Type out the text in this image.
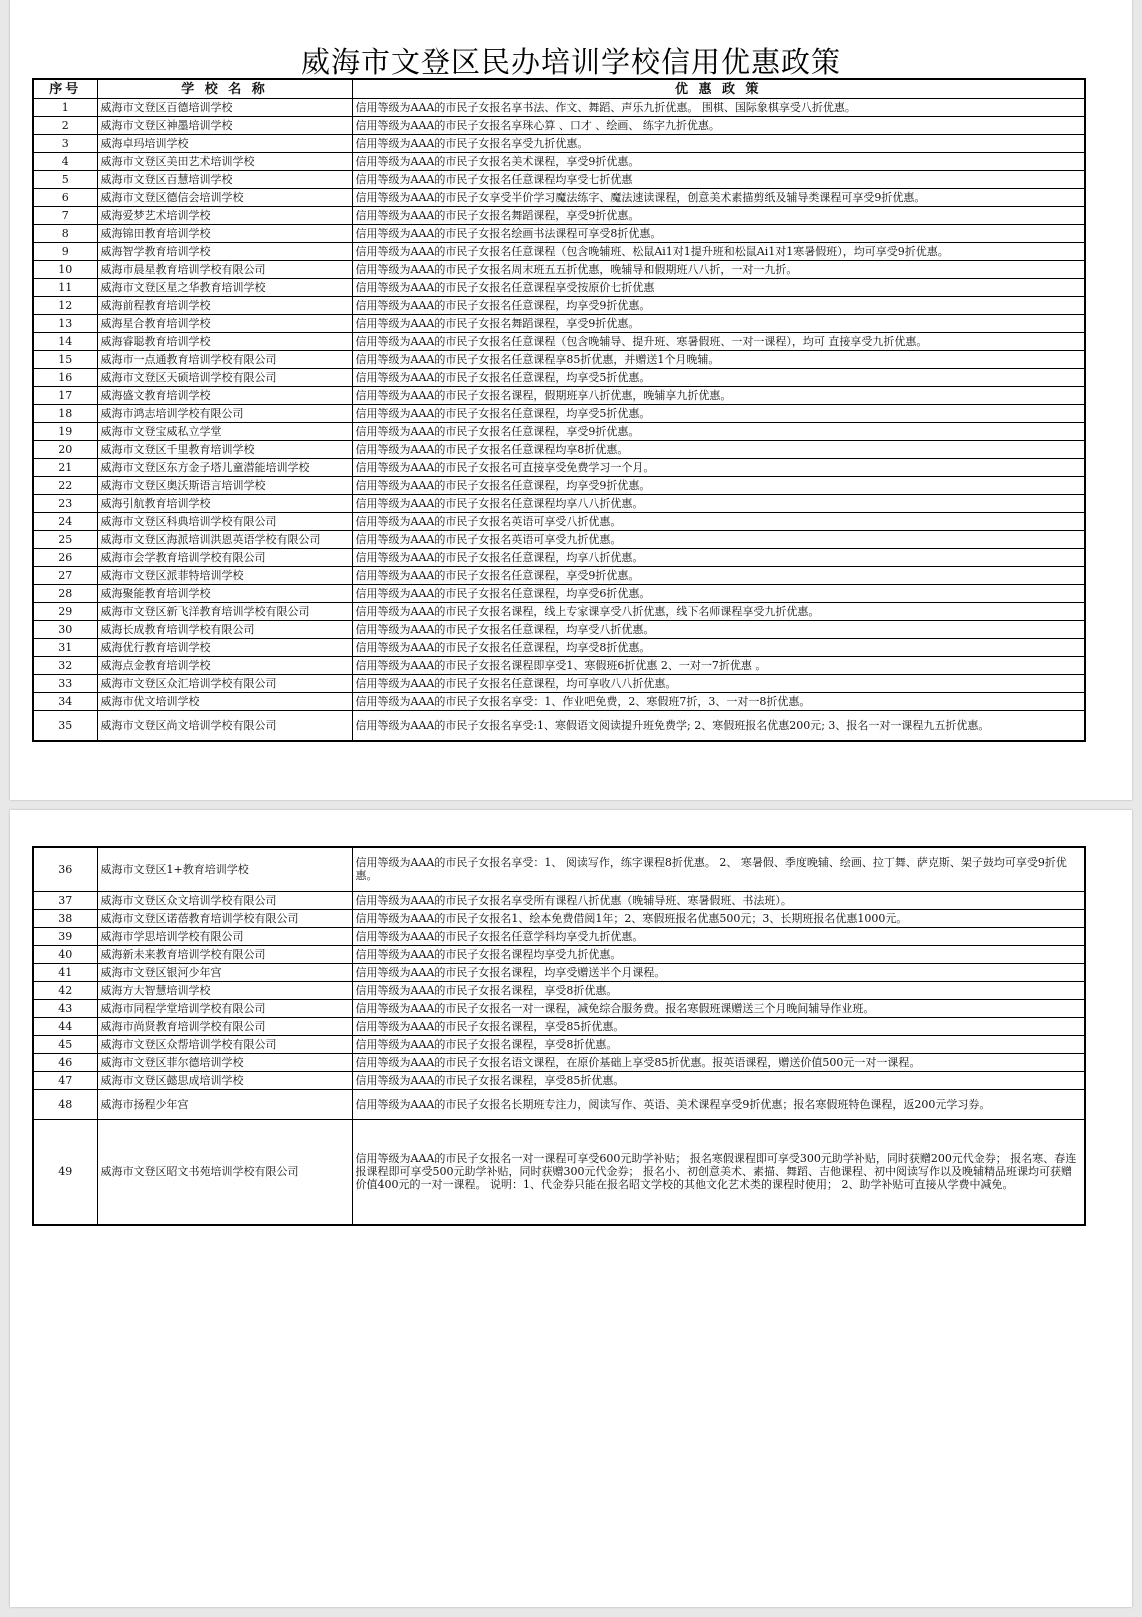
威海市文登区民办培训学校信用优惠政策
序号	学 校 名 称	优 惠 政 策
1	威海市文登区百德培训学校	信用等级为AAA的市民子女报名享书法、作文、舞蹈、声乐九折优惠。 围棋、国际象棋享受八折优惠。
2	威海市文登区神墨培训学校	信用等级为AAA的市民子女报名享珠心算 、口才 、绘画、 练字九折优惠。
3	威海卓玛培训学校	信用等级为AAA的市民子女报名享受九折优惠。
4	威海市文登区美田艺术培训学校	信用等级为AAA的市民子女报名美术课程，享受9折优惠。
5	威海市文登区百慧培训学校	信用等级为AAA的市民子女报名任意课程均享受七折优惠
6	威海市文登区德信会培训学校	信用等级为AAA的市民子女享受半价学习魔法练字、魔法速读课程，创意美术素描剪纸及辅导类课程可享受9折优惠。
7	威海爱梦艺术培训学校	信用等级为AAA的市民子女报名舞蹈课程，享受9折优惠。
8	威海锦田教育培训学校	信用等级为AAA的市民子女报名绘画书法课程可享受8折优惠。
9	威海智学教育培训学校	信用等级为AAA的市民子女报名任意课程（包含晚辅班、松鼠Ai1对1提升班和松鼠Ai1对1寒暑假班），均可享受9折优惠。
10	威海市晨星教育培训学校有限公司	信用等级为AAA的市民子女报名周末班五五折优惠，晚辅导和假期班八八折，一对一九折。
11	威海市文登区星之华教育培训学校	信用等级为AAA的市民子女报名任意课程享受按原价七折优惠
12	威海前程教育培训学校	信用等级为AAA的市民子女报名任意课程，均享受9折优惠。
13	威海星合教育培训学校	信用等级为AAA的市民子女报名舞蹈课程，享受9折优惠。
14	威海睿聪教育培训学校	信用等级为AAA的市民子女报名任意课程（包含晚辅导、提升班、寒暑假班、一对一课程），均可 直接享受九折优惠。
15	威海市一点通教育培训学校有限公司	信用等级为AAA的市民子女报名任意课程享85折优惠，并赠送1个月晚辅。
16	威海市文登区天硕培训学校有限公司	信用等级为AAA的市民子女报名任意课程，均享受5折优惠。
17	威海盛文教育培训学校	信用等级为AAA的市民子女报名课程，假期班享八折优惠，晚辅享九折优惠。
18	威海市鸿志培训学校有限公司	信用等级为AAA的市民子女报名任意课程，均享受5折优惠。
19	威海市文登宝威私立学堂	信用等级为AAA的市民子女报名任意课程，享受9折优惠。
20	威海市文登区千里教育培训学校	信用等级为AAA的市民子女报名任意课程均享8折优惠。
21	威海市文登区东方金子塔儿童潜能培训学校	信用等级为AAA的市民子女报名可直接享受免费学习一个月。
22	威海市文登区奥沃斯语言培训学校	信用等级为AAA的市民子女报名任意课程，均享受9折优惠。
23	威海引航教育培训学校	信用等级为AAA的市民子女报名任意课程均享八八折优惠。
24	威海市文登区科典培训学校有限公司	信用等级为AAA的市民子女报名英语可享受八折优惠。
25	威海市文登区海派培训洪恩英语学校有限公司	信用等级为AAA的市民子女报名英语可享受九折优惠。
26	威海市会学教育培训学校有限公司	信用等级为AAA的市民子女报名任意课程，均享八折优惠。
27	威海市文登区派菲特培训学校	信用等级为AAA的市民子女报名任意课程，享受9折优惠。
28	威海聚能教育培训学校	信用等级为AAA的市民子女报名任意课程，均享受6折优惠。
29	威海市文登区新飞洋教育培训学校有限公司	信用等级为AAA的市民子女报名课程，线上专家课享受八折优惠，线下名师课程享受九折优惠。
30	威海长成教育培训学校有限公司	信用等级为AAA的市民子女报名任意课程，均享受八折优惠。
31	威海优行教育培训学校	信用等级为AAA的市民子女报名任意课程，均享受8折优惠。
32	威海点金教育培训学校	信用等级为AAA的市民子女报名课程即享受1、寒假班6折优惠 2、一对一7折优惠 。
33	威海市文登区众汇培训学校有限公司	信用等级为AAA的市民子女报名任意课程，均可享收八八折优惠。
34	威海市优文培训学校	信用等级为AAA的市民子女报名享受：1、作业吧免费，2、寒假班7折，3、一对一8折优惠。
35	威海市文登区尚文培训学校有限公司	信用等级为AAA的市民子女报名享受:1、寒假语文阅读提升班免费学; 2、寒假班报名优惠200元; 3、报名一对一课程九五折优惠。
36	威海市文登区1+教育培训学校	信用等级为AAA的市民子女报名享受：1、 阅读写作，练字课程8折优惠。 2、 寒暑假、季度晚辅、绘画、拉丁舞、萨克斯、架子鼓均可享受9折优惠。
37	威海市文登区众文培训学校有限公司	信用等级为AAA的市民子女报名享受所有课程八折优惠（晚辅导班、寒暑假班、书法班）。
38	威海市文登区诺蓓教育培训学校有限公司	信用等级为AAA的市民子女报名1、绘本免费借阅1年；2、寒假班报名优惠500元；3、长期班报名优惠1000元。
39	威海市学思培训学校有限公司	信用等级为AAA的市民子女报名任意学科均享受九折优惠。
40	威海新未来教育培训学校有限公司	信用等级为AAA的市民子女报名课程均享受九折优惠。
41	威海市文登区银河少年宫	信用等级为AAA的市民子女报名课程，均享受赠送半个月课程。
42	威海方大智慧培训学校	信用等级为AAA的市民子女报名课程，享受8折优惠。
43	威海市同程学堂培训学校有限公司	信用等级为AAA的市民子女报名一对一课程，减免综合服务费。报名寒假班课赠送三个月晚间辅导作业班。
44	威海市尚贤教育培训学校有限公司	信用等级为AAA的市民子女报名课程，享受85折优惠。
45	威海市文登区众帮培训学校有限公司	信用等级为AAA的市民子女报名课程，享受8折优惠。
46	威海市文登区菲尔德培训学校	信用等级为AAA的市民子女报名语文课程，在原价基础上享受85折优惠。报英语课程，赠送价值500元一对一课程。
47	威海市文登区懿思成培训学校	信用等级为AAA的市民子女报名课程，享受85折优惠。
48	威海市扬程少年宫	信用等级为AAA的市民子女报名长期班专注力，阅读写作、英语、美术课程享受9折优惠；报名寒假班特色课程，返200元学习券。
49	威海市文登区昭文书苑培训学校有限公司	信用等级为AAA的市民子女报名一对一课程可享受600元助学补贴； 报名寒假课程即可享受300元助学补贴，同时获赠200元代金券； 报名寒、春连报课程即可享受500元助学补贴，同时获赠300元代金券； 报名小、初创意美术、素描、舞蹈、吉他课程、初中阅读写作以及晚辅精品班课均可获赠价值400元的一对一课程。 说明：1、代金券只能在报名昭文学校的其他文化艺术类的课程时使用； 2、助学补贴可直接从学费中减免。
